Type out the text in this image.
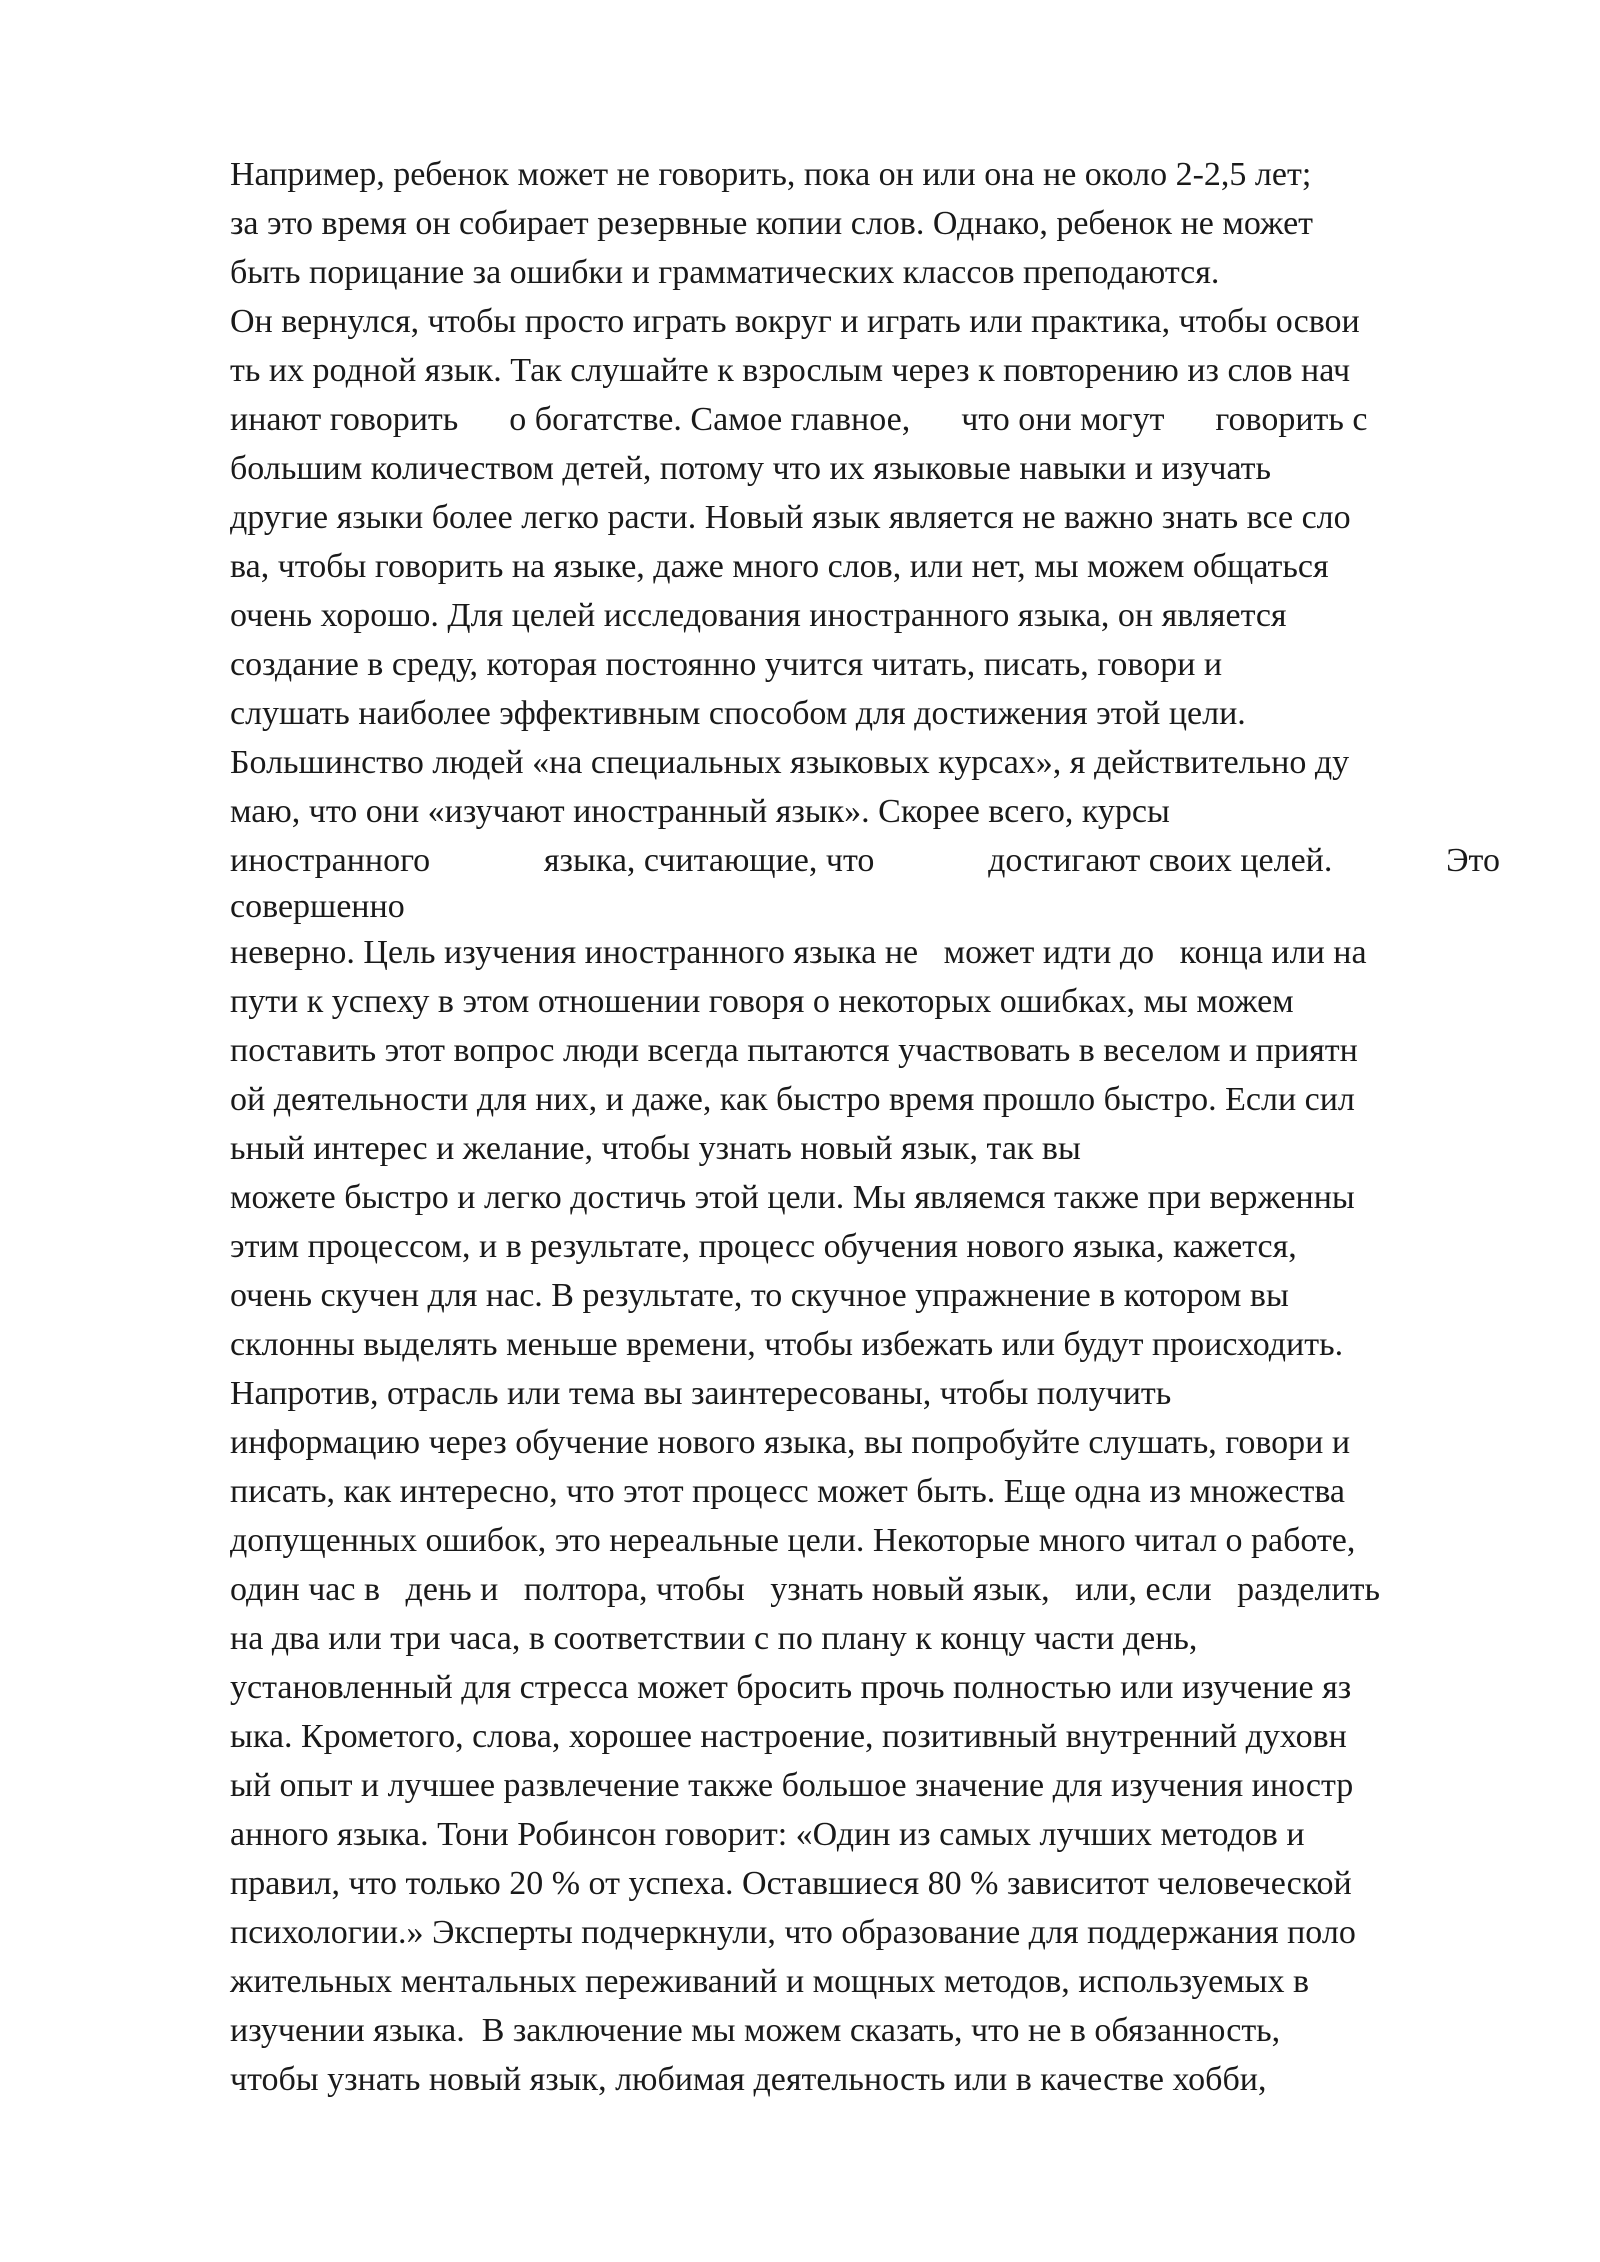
Например, ребенок может не говорить, пока он или она не около 2-2,5 лет;
за это время он собирает резервные копии слов. Однако, ребенок не может
быть порицание за ошибки и грамматических классов преподаются.
Он вернулся, чтобы просто играть вокруг и играть или практика, чтобы освои
ть их родной язык. Так слушайте к взрослым через к повторению из слов нач
инают говорить      о богатстве. Самое главное,      что они могут      говорить с
большим количеством детей, потому что их языковые навыки и изучать
другие языки более легко расти. Новый язык является не важно знать все сло
ва, чтобы говорить на языке, даже много слов, или нет, мы можем общаться
очень хорошо. Для целей исследования иностранного языка, он является
создание в среду, которая постоянно учится читать, писать, говори и
слушать наиболее эффективным способом для достижения этой цели.
Большинство людей «на специальных языковых курсах», я действительно ду
маю, что они «изучают иностранный язык». Скорее всего, курсы
иностранного	языка, считающие, что	достигают своих целей.	Это
совершенно
неверно. Цель изучения иностранного языка не   может идти до   конца или на
пути к успеху в этом отношении говоря о некоторых ошибках, мы можем
поставить этот вопрос люди всегда пытаются участвовать в веселом и приятн
ой деятельности для них, и даже, как быстро время прошло быстро. Если сил
ьный интерес и желание, чтобы узнать новый язык, так вы
можете быстро и легко достичь этой цели. Мы являемся также при верженны
этим процессом, и в результате, процесс обучения нового языка, кажется,
очень скучен для нас. В результате, то скучное упражнение в котором вы
склонны выделять меньше времени, чтобы избежать или будут происходить.
Напротив, отрасль или тема вы заинтересованы, чтобы получить
информацию через обучение нового языка, вы попробуйте слушать, говори и
писать, как интересно, что этот процесс может быть. Еще одна из множества
допущенных ошибок, это нереальные цели. Некоторые много читал о работе,
один час в   день и   полтора, чтобы   узнать новый язык,   или, если   разделить
на два или три часа, в соответствии с по плану к концу части день,
установленный для стресса может бросить прочь полностью или изучение яз
ыка. Крометого, слова, хорошее настроение, позитивный внутренний духовн
ый опыт и лучшее развлечение также большое значение для изучения иностр
анного языка. Тони Робинсон говорит: «Один из самых лучших методов и
правил, что только 20 % от успеха. Оставшиеся 80 % зависитот человеческой
психологии.» Эксперты подчеркнули, что образование для поддержания поло
жительных ментальных переживаний и мощных методов, используемых в
изучении языка.  В заключение мы можем сказать, что не в обязанность,
чтобы узнать новый язык, любимая деятельность или в качестве хобби,
